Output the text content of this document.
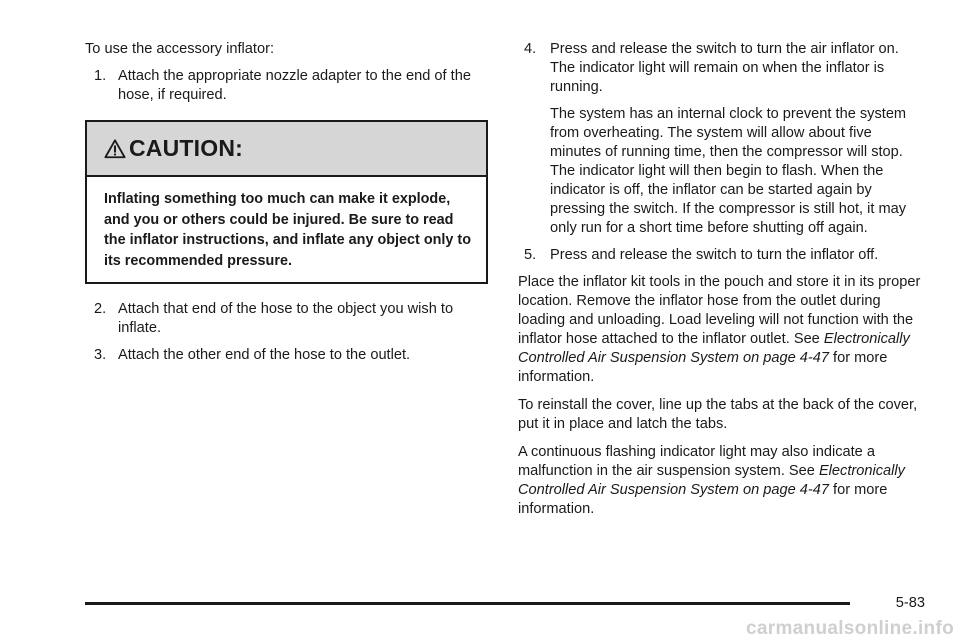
To use the accessory inflator:

1. Attach the appropriate nozzle adapter to the end of the hose, if required.

CAUTION:

Inflating something too much can make it explode, and you or others could be injured. Be sure to read the inflator instructions, and inflate any object only to its recommended pressure.

2. Attach that end of the hose to the object you wish to inflate.

3. Attach the other end of the hose to the outlet.

4. Press and release the switch to turn the air inflator on. The indicator light will remain on when the inflator is running.

The system has an internal clock to prevent the system from overheating. The system will allow about five minutes of running time, then the compressor will stop. The indicator light will then begin to flash. When the indicator is off, the inflator can be started again by pressing the switch. If the compressor is still hot, it may only run for a short time before shutting off again.

5. Press and release the switch to turn the inflator off.

Place the inflator kit tools in the pouch and store it in its proper location. Remove the inflator hose from the outlet during loading and unloading. Load leveling will not function with the inflator hose attached to the inflator outlet. See Electronically Controlled Air Suspension System on page 4-47 for more information.

To reinstall the cover, line up the tabs at the back of the cover, put it in place and latch the tabs.

A continuous flashing indicator light may also indicate a malfunction in the air suspension system. See Electronically Controlled Air Suspension System on page 4-47 for more information.

5-83
carmanualsonline.info
